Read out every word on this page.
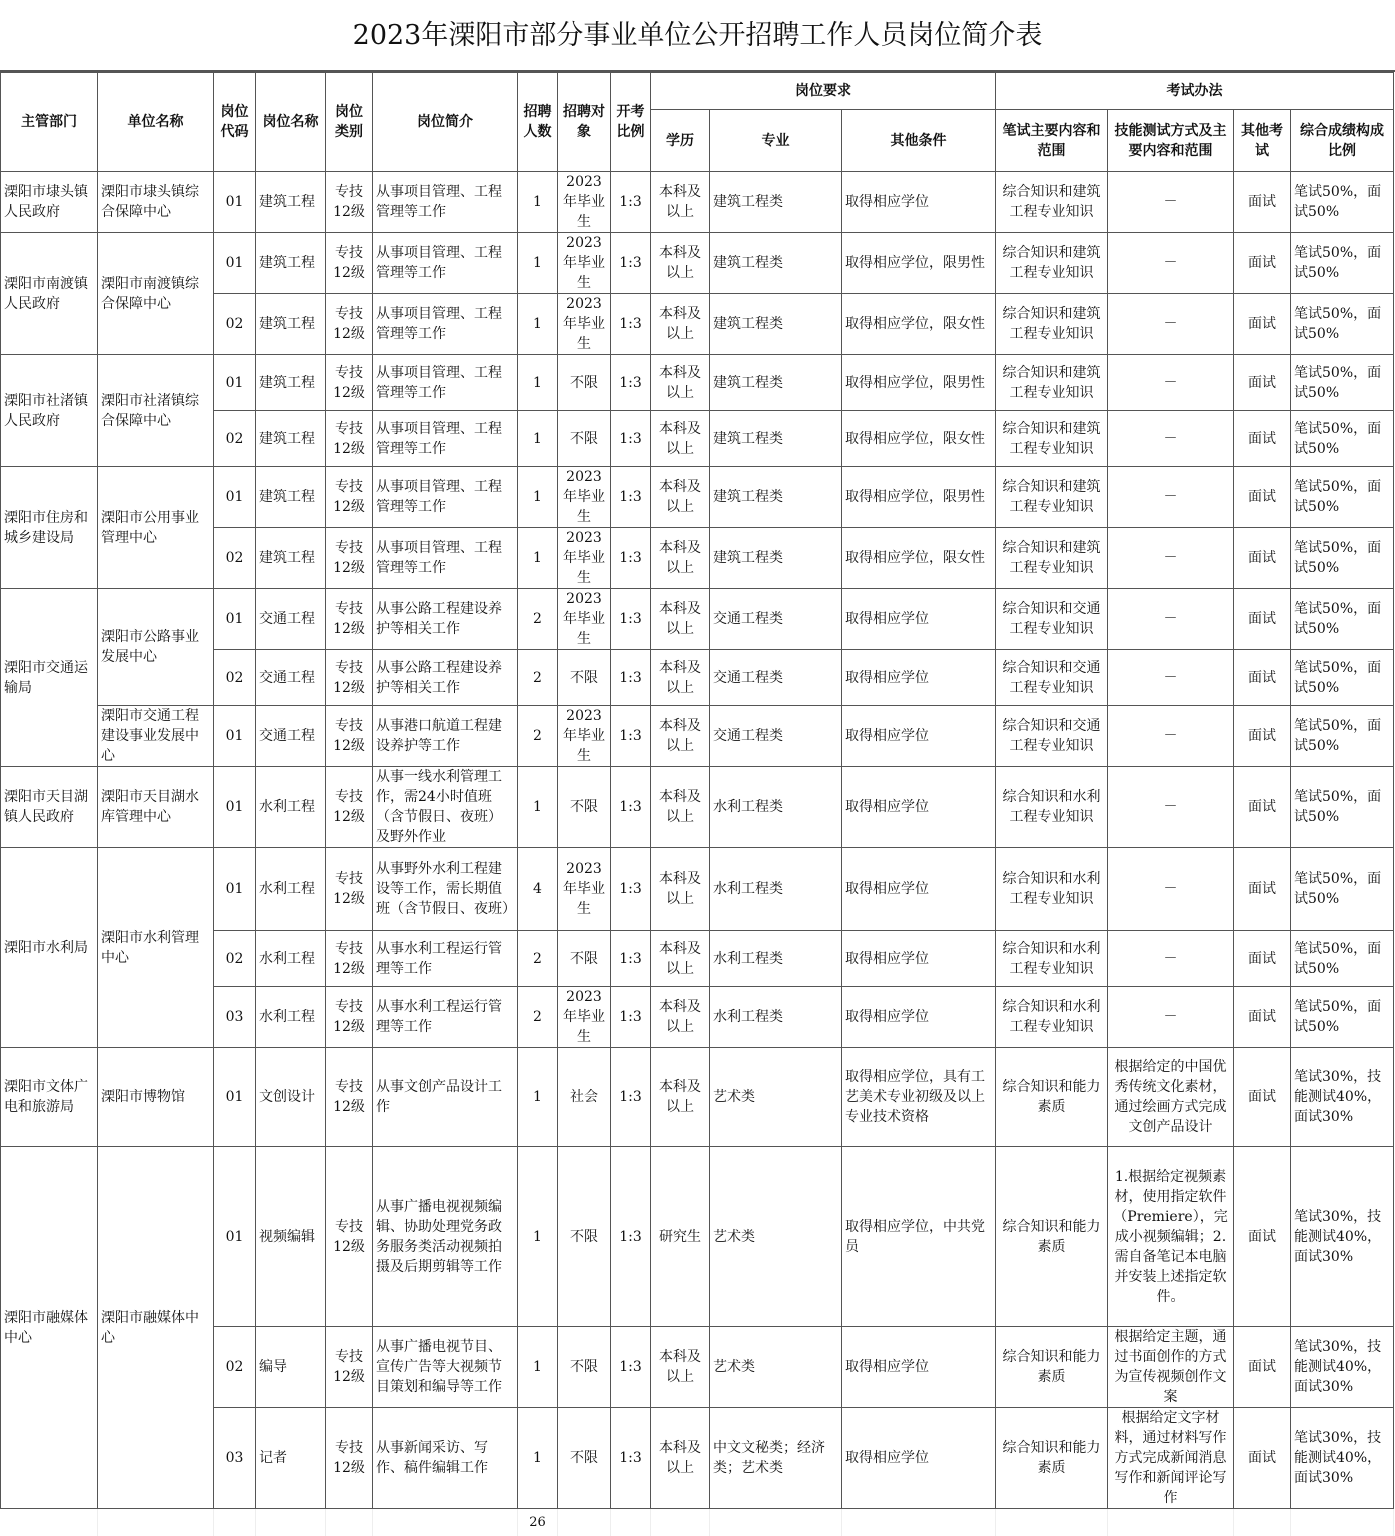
2023年溧阳市部分事业单位公开招聘工作人员岗位简介表
主管部门	单位名称	岗位代码	岗位名称	岗位类别	岗位简介	招聘人数	招聘对象	开考比例	岗位要求			考试办法			
									学历	专业	其他条件	笔试主要内容和范围	技能测试方式及主要内容和范围	其他考试	综合成绩构成比例
溧阳市埭头镇人民政府	溧阳市埭头镇综合保障中心	01	建筑工程	专技12级	从事项目管理、工程管理等工作	1	2023年毕业生	1:3	本科及以上	建筑工程类	取得相应学位	综合知识和建筑工程专业知识	－	面试	笔试50%，面试50%
溧阳市南渡镇人民政府	溧阳市南渡镇综合保障中心	01	建筑工程	专技12级	从事项目管理、工程管理等工作	1	2023年毕业生	1:3	本科及以上	建筑工程类	取得相应学位，限男性	综合知识和建筑工程专业知识	－	面试	笔试50%，面试50%
		02	建筑工程	专技12级	从事项目管理、工程管理等工作	1	2023年毕业生	1:3	本科及以上	建筑工程类	取得相应学位，限女性	综合知识和建筑工程专业知识	－	面试	笔试50%，面试50%
溧阳市社渚镇人民政府	溧阳市社渚镇综合保障中心	01	建筑工程	专技12级	从事项目管理、工程管理等工作	1	不限	1:3	本科及以上	建筑工程类	取得相应学位，限男性	综合知识和建筑工程专业知识	－	面试	笔试50%，面试50%
		02	建筑工程	专技12级	从事项目管理、工程管理等工作	1	不限	1:3	本科及以上	建筑工程类	取得相应学位，限女性	综合知识和建筑工程专业知识	－	面试	笔试50%，面试50%
溧阳市住房和城乡建设局	溧阳市公用事业管理中心	01	建筑工程	专技12级	从事项目管理、工程管理等工作	1	2023年毕业生	1:3	本科及以上	建筑工程类	取得相应学位，限男性	综合知识和建筑工程专业知识	－	面试	笔试50%，面试50%
		02	建筑工程	专技12级	从事项目管理、工程管理等工作	1	2023年毕业生	1:3	本科及以上	建筑工程类	取得相应学位，限女性	综合知识和建筑工程专业知识	－	面试	笔试50%，面试50%
溧阳市交通运输局	溧阳市公路事业发展中心	01	交通工程	专技12级	从事公路工程建设养护等相关工作	2	2023年毕业生	1:3	本科及以上	交通工程类	取得相应学位	综合知识和交通工程专业知识	－	面试	笔试50%，面试50%
		02	交通工程	专技12级	从事公路工程建设养护等相关工作	2	不限	1:3	本科及以上	交通工程类	取得相应学位	综合知识和交通工程专业知识	－	面试	笔试50%，面试50%
	溧阳市交通工程建设事业发展中心	01	交通工程	专技12级	从事港口航道工程建设养护等工作	2	2023年毕业生	1:3	本科及以上	交通工程类	取得相应学位	综合知识和交通工程专业知识	－	面试	笔试50%，面试50%
溧阳市天目湖镇人民政府	溧阳市天目湖水库管理中心	01	水利工程	专技12级	从事一线水利管理工作，需24小时值班（含节假日、夜班）及野外作业	1	不限	1:3	本科及以上	水利工程类	取得相应学位	综合知识和水利工程专业知识	－	面试	笔试50%，面试50%
溧阳市水利局	溧阳市水利管理中心	01	水利工程	专技12级	从事野外水利工程建设等工作，需长期值班（含节假日、夜班）	4	2023年毕业生	1:3	本科及以上	水利工程类	取得相应学位	综合知识和水利工程专业知识	－	面试	笔试50%，面试50%
		02	水利工程	专技12级	从事水利工程运行管理等工作	2	不限	1:3	本科及以上	水利工程类	取得相应学位	综合知识和水利工程专业知识	－	面试	笔试50%，面试50%
		03	水利工程	专技12级	从事水利工程运行管理等工作	2	2023年毕业生	1:3	本科及以上	水利工程类	取得相应学位	综合知识和水利工程专业知识	－	面试	笔试50%，面试50%
溧阳市文体广电和旅游局	溧阳市博物馆	01	文创设计	专技12级	从事文创产品设计工作	1	社会	1:3	本科及以上	艺术类	取得相应学位，具有工艺美术专业初级及以上专业技术资格	综合知识和能力素质	根据给定的中国优秀传统文化素材，通过绘画方式完成文创产品设计	面试	笔试30%，技能测试40%，面试30%
溧阳市融媒体中心	溧阳市融媒体中心	01	视频编辑	专技12级	从事广播电视视频编辑、协助处理党务政务服务类活动视频拍摄及后期剪辑等工作	1	不限	1:3	研究生	艺术类	取得相应学位，中共党员	综合知识和能力素质	1.根据给定视频素材，使用指定软件（Premiere），完成小视频编辑；2.需自备笔记本电脑并安装上述指定软件。	面试	笔试30%，技能测试40%，面试30%
		02	编导	专技12级	从事广播电视节目、宣传广告等大视频节目策划和编导等工作	1	不限	1:3	本科及以上	艺术类	取得相应学位	综合知识和能力素质	根据给定主题，通过书面创作的方式为宣传视频创作文案	面试	笔试30%，技能测试40%，面试30%
		03	记者	专技12级	从事新闻采访、写作、稿件编辑工作	1	不限	1:3	本科及以上	中文文秘类；经济类；艺术类	取得相应学位	综合知识和能力素质	根据给定文字材料，通过材料写作方式完成新闻消息写作和新闻评论写作	面试	笔试30%，技能测试40%，面试30%
						26									
